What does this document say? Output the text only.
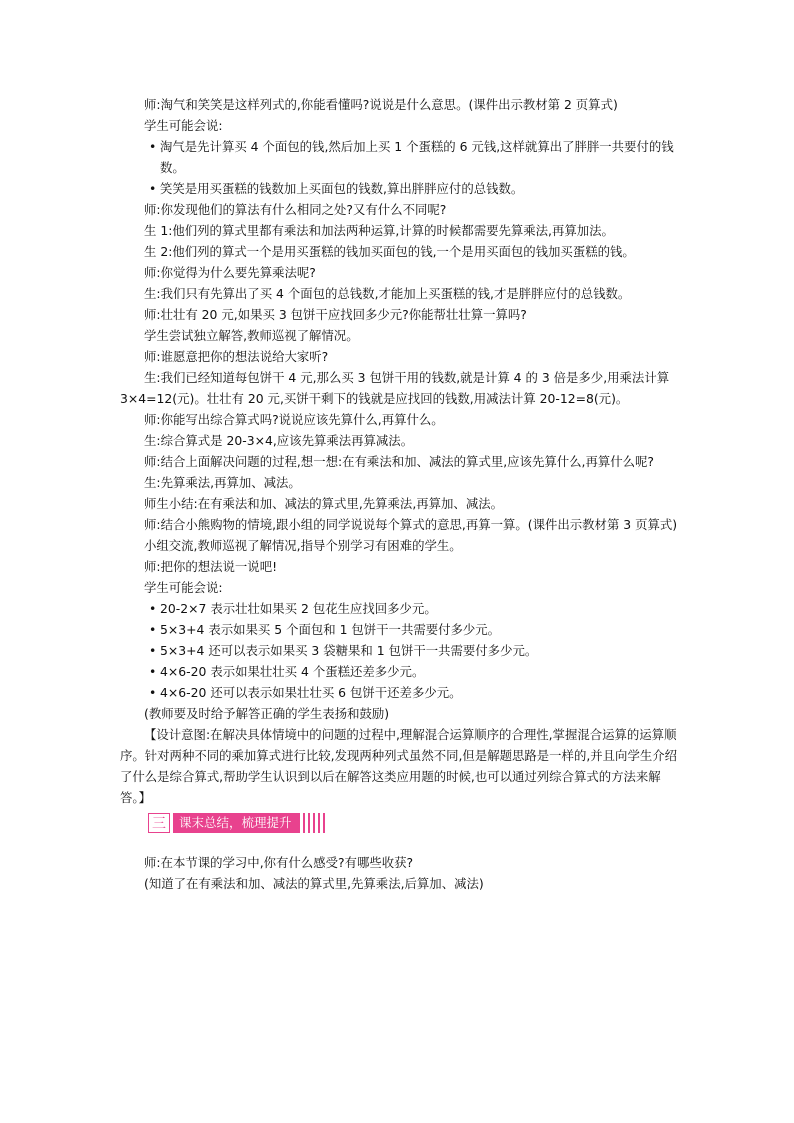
师:淘气和笑笑是这样列式的,你能看懂吗?说说是什么意思。(课件出示教材第 2 页算式)

学生可能会说:

• 淘气是先计算买 4 个面包的钱,然后加上买 1 个蛋糕的 6 元钱,这样就算出了胖胖一共要付的钱数。

• 笑笑是用买蛋糕的钱数加上买面包的钱数,算出胖胖应付的总钱数。

师:你发现他们的算法有什么相同之处?又有什么不同呢?

生 1:他们列的算式里都有乘法和加法两种运算,计算的时候都需要先算乘法,再算加法。

生 2:他们列的算式一个是用买蛋糕的钱加买面包的钱,一个是用买面包的钱加买蛋糕的钱。

师:你觉得为什么要先算乘法呢?

生:我们只有先算出了买 4 个面包的总钱数,才能加上买蛋糕的钱,才是胖胖应付的总钱数。

师:壮壮有 20 元,如果买 3 包饼干应找回多少元?你能帮壮壮算一算吗?

学生尝试独立解答,教师巡视了解情况。

师:谁愿意把你的想法说给大家听?

生:我们已经知道每包饼干 4 元,那么买 3 包饼干用的钱数,就是计算 4 的 3 倍是多少,用乘法计算 3×4=12(元)。壮壮有 20 元,买饼干剩下的钱就是应找回的钱数,用减法计算 20-12=8(元)。

师:你能写出综合算式吗?说说应该先算什么,再算什么。

生:综合算式是 20-3×4,应该先算乘法再算减法。

师:结合上面解决问题的过程,想一想:在有乘法和加、减法的算式里,应该先算什么,再算什么呢?

生:先算乘法,再算加、减法。

师生小结:在有乘法和加、减法的算式里,先算乘法,再算加、减法。

师:结合小熊购物的情境,跟小组的同学说说每个算式的意思,再算一算。(课件出示教材第 3 页算式)

小组交流,教师巡视了解情况,指导个别学习有困难的学生。

师:把你的想法说一说吧!

学生可能会说:

• 20-2×7 表示壮壮如果买 2 包花生应找回多少元。

• 5×3+4 表示如果买 5 个面包和 1 包饼干一共需要付多少元。

• 5×3+4 还可以表示如果买 3 袋糖果和 1 包饼干一共需要付多少元。

• 4×6-20 表示如果壮壮买 4 个蛋糕还差多少元。

• 4×6-20 还可以表示如果壮壮买 6 包饼干还差多少元。

(教师要及时给予解答正确的学生表扬和鼓励)

【设计意图:在解决具体情境中的问题的过程中,理解混合运算顺序的合理性,掌握混合运算的运算顺序。针对两种不同的乘加算式进行比较,发现两种列式虽然不同,但是解题思路是一样的,并且向学生介绍了什么是综合算式,帮助学生认识到以后在解答这类应用题的时候,也可以通过列综合算式的方法来解答。】

三	课末总结，梳理提升

师:在本节课的学习中,你有什么感受?有哪些收获?

(知道了在有乘法和加、减法的算式里,先算乘法,后算加、减法)
